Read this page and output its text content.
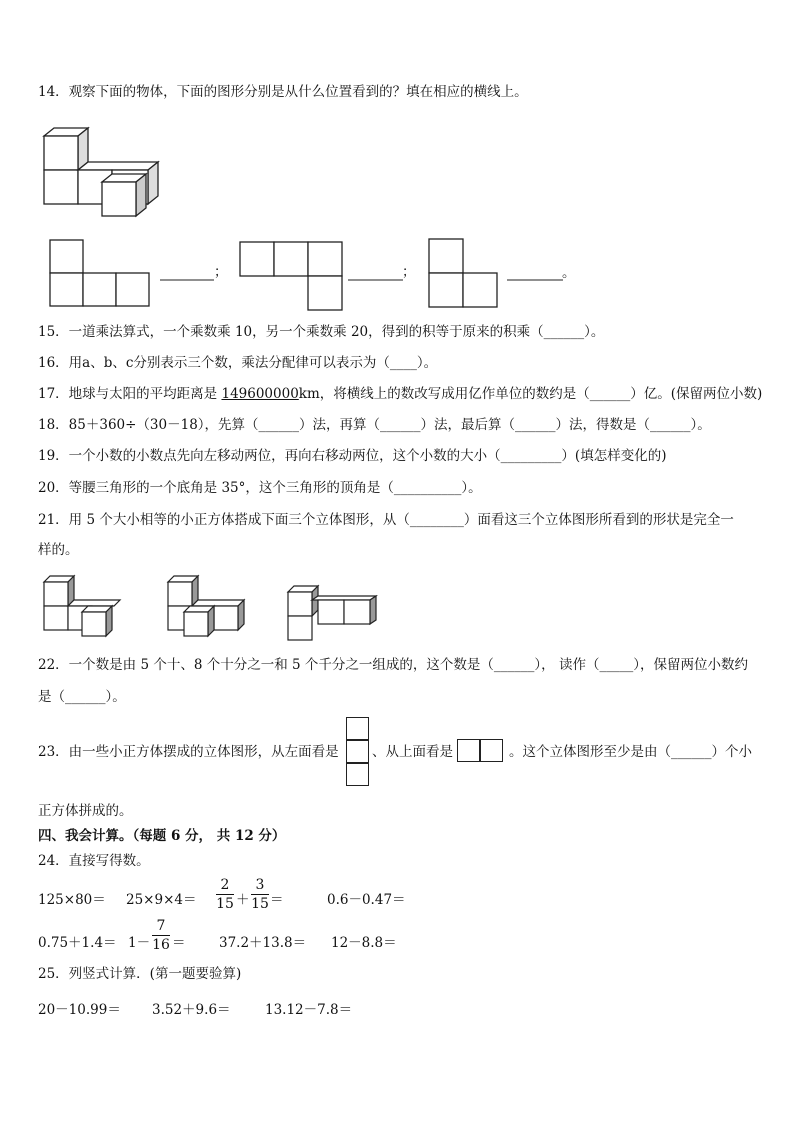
14．观察下面的物体，下面的图形分别是从什么位置看到的？填在相应的横线上。
；	；	。
15．一道乘法算式，一个乘数乘 10，另一个乘数乘 20，得到的积等于原来的积乘（______）。
16．用a、b、c分别表示三个数，乘法分配律可以表示为（____）。
17．地球与太阳的平均距离是 149600000km，将横线上的数改写成用亿作单位的数约是（______）亿。(保留两位小数)
18．85＋360÷（30－18），先算（______）法，再算（______）法，最后算（______）法，得数是（______）。
19．一个小数的小数点先向左移动两位，再向右移动两位，这个小数的大小（_________）(填怎样变化的)
20．等腰三角形的一个底角是 35°，这个三角形的顶角是（__________）。
21．用 5 个大小相等的小正方体搭成下面三个立体图形，从（________）面看这三个立体图形所看到的形状是完全一
样的。
22．一个数是由 5 个十、8 个十分之一和 5 个千分之一组成的，这个数是（______）， 读作（_____），保留两位小数约
是（______）。
23．由一些小正方体摆成的立体图形，从左面看是 、从上面看是	。这个立体图形至少是由（______）个小
正方体拼成的。
四、我会计算。（每题 6 分， 共 12 分）
24．直接写得数。
125×80＝ 25×9×4＝
2
15 ＋
3
15 ＝	0.6－0.47＝
0.75＋1.4＝ 1－
7
16 ＝ 37.2＋13.8＝ 12－8.8＝
25．列竖式计算．(第一题要验算)
20－10.99＝ 3.52＋9.6＝	13.12－7.8＝
